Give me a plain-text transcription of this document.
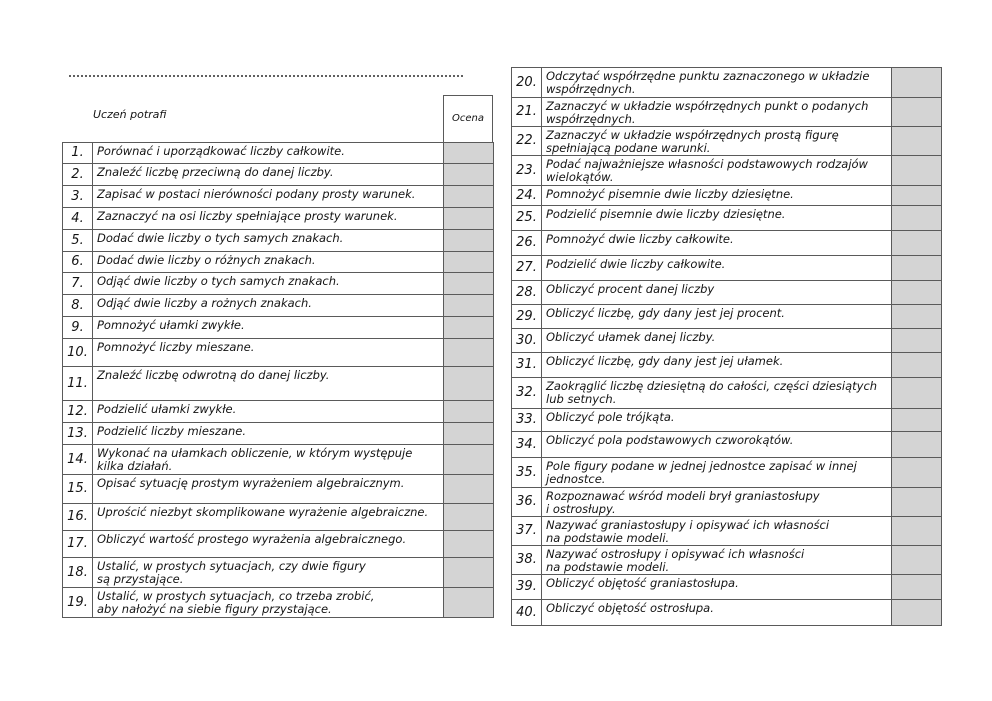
Uczeń potrafi	Ocena
1.	Porównać i uporządkować liczby całkowite.	
2.	Znaleźć liczbę przeciwną do danej liczby.	
3.	Zapisać w postaci nierówności podany prosty warunek.	
4.	Zaznaczyć na osi liczby spełniające prosty warunek.	
5.	Dodać dwie liczby o tych samych znakach.	
6.	Dodać dwie liczby o różnych znakach.	
7.	Odjąć dwie liczby o tych samych znakach.	
8.	Odjąć dwie liczby a rożnych znakach.	
9.	Pomnożyć ułamki zwykłe.	
10.	Pomnożyć liczby mieszane.	
11.	Znaleźć liczbę odwrotną do danej liczby.	
12.	Podzielić ułamki zwykłe.	
13.	Podzielić liczby mieszane.	
14.	Wykonać na ułamkach obliczenie, w którym występuje
kilka działań.	
15.	Opisać sytuację prostym wyrażeniem algebraicznym.	
16.	Uprościć niezbyt skomplikowane wyrażenie algebraiczne.	
17.	Obliczyć wartość prostego wyrażenia algebraicznego.	
18.	Ustalić, w prostych sytuacjach, czy dwie figury
są przystające.	
19.	Ustalić, w prostych sytuacjach, co trzeba zrobić,
aby nałożyć na siebie figury przystające.	
20.	Odczytać współrzędne punktu zaznaczonego w układzie
współrzędnych.	
21.	Zaznaczyć w układzie współrzędnych punkt o podanych
współrzędnych.	
22.	Zaznaczyć w układzie współrzędnych prostą figurę
spełniającą podane warunki.	
23.	Podać najważniejsze własności podstawowych rodzajów
wielokątów.	
24.	Pomnożyć pisemnie dwie liczby dziesiętne.	
25.	Podzielić pisemnie dwie liczby dziesiętne.	
26.	Pomnożyć dwie liczby całkowite.	
27.	Podzielić dwie liczby całkowite.	
28.	Obliczyć procent danej liczby	
29.	Obliczyć liczbę, gdy dany jest jej procent.	
30.	Obliczyć ułamek danej liczby.	
31.	Obliczyć liczbę, gdy dany jest jej ułamek.	
32.	Zaokrąglić liczbę dziesiętną do całości, części dziesiątych
lub setnych.	
33.	Obliczyć pole trójkąta.	
34.	Obliczyć pola podstawowych czworokątów.	
35.	Pole figury podane w jednej jednostce zapisać w innej
jednostce.	
36.	Rozpoznawać wśród modeli brył graniastosłupy
i ostrosłupy.	
37.	Nazywać graniastosłupy i opisywać ich własności
na podstawie modeli.	
38.	Nazywać ostrosłupy i opisywać ich własności
na podstawie modeli.	
39.	Obliczyć objętość graniastosłupa.	
40.	Obliczyć objętość ostrosłupa.	
